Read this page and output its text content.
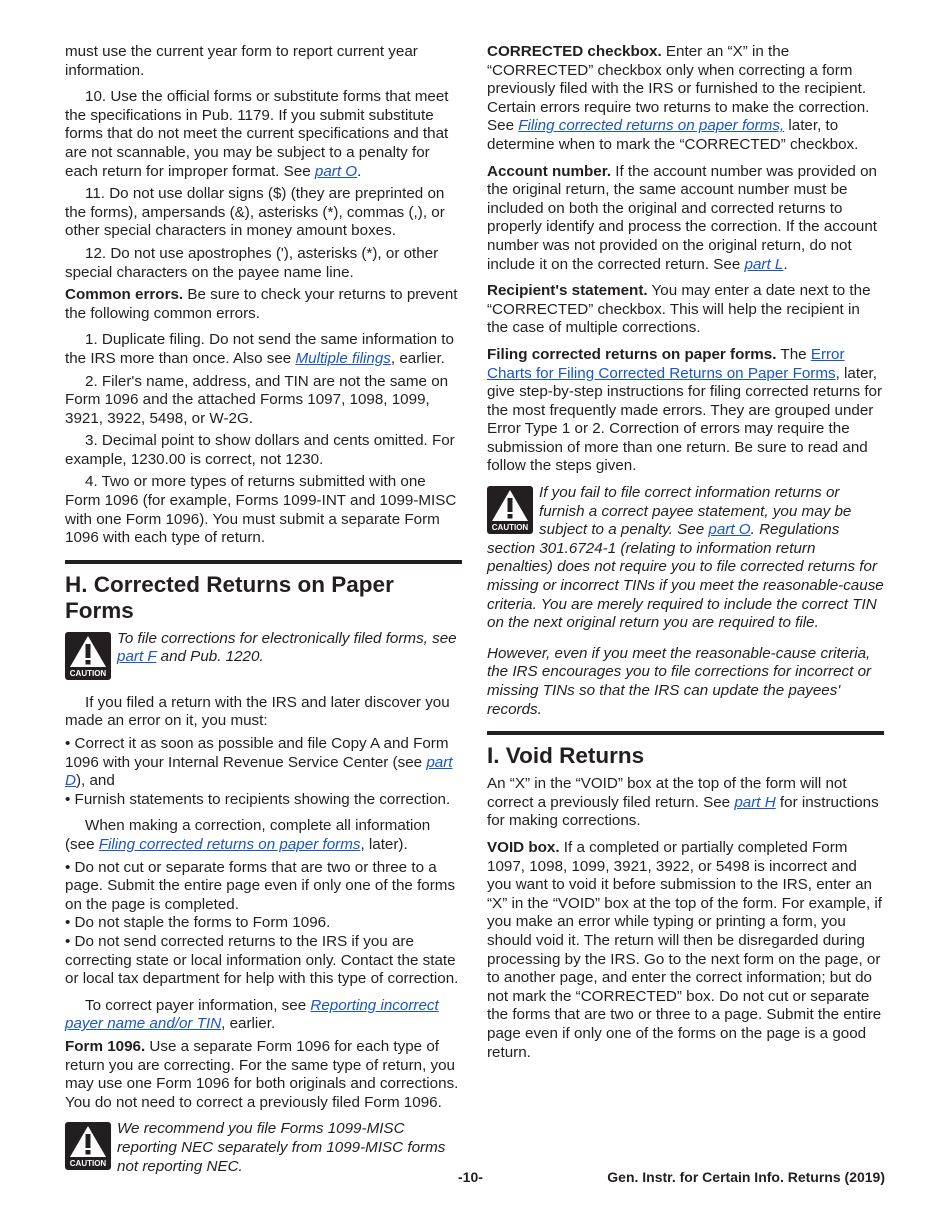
must use the current year form to report current year information.

10. Use the official forms or substitute forms that meet the specifications in Pub. 1179. If you submit substitute forms that do not meet the current specifications and that are not scannable, you may be subject to a penalty for each return for improper format. See part O.

11. Do not use dollar signs ($) (they are preprinted on the forms), ampersands (&), asterisks (*), commas (,), or other special characters in money amount boxes.

12. Do not use apostrophes ('), asterisks (*), or other special characters on the payee name line.

Common errors. Be sure to check your returns to prevent the following common errors.

1. Duplicate filing. Do not send the same information to the IRS more than once. Also see Multiple filings, earlier.

2. Filer's name, address, and TIN are not the same on Form 1096 and the attached Forms 1097, 1098, 1099, 3921, 3922, 5498, or W-2G.

3. Decimal point to show dollars and cents omitted. For example, 1230.00 is correct, not 1230.

4. Two or more types of returns submitted with one Form 1096 (for example, Forms 1099-INT and 1099-MISC with one Form 1096). You must submit a separate Form 1096 with each type of return.

H. Corrected Returns on Paper Forms
CAUTION
To file corrections for electronically filed forms, see part F and Pub. 1220.

If you filed a return with the IRS and later discover you made an error on it, you must:

• Correct it as soon as possible and file Copy A and Form 1096 with your Internal Revenue Service Center (see part D), and

• Furnish statements to recipients showing the correction.

When making a correction, complete all information (see Filing corrected returns on paper forms, later).

• Do not cut or separate forms that are two or three to a page. Submit the entire page even if only one of the forms on the page is completed.

• Do not staple the forms to Form 1096.

• Do not send corrected returns to the IRS if you are correcting state or local information only. Contact the state or local tax department for help with this type of correction.

To correct payer information, see Reporting incorrect payer name and/or TIN, earlier.

Form 1096. Use a separate Form 1096 for each type of return you are correcting. For the same type of return, you may use one Form 1096 for both originals and corrections. You do not need to correct a previously filed Form 1096.

CAUTION
We recommend you file Forms 1099-MISC reporting NEC separately from 1099-MISC forms not reporting NEC.

CORRECTED checkbox. Enter an “X” in the “CORRECTED” checkbox only when correcting a form previously filed with the IRS or furnished to the recipient. Certain errors require two returns to make the correction. See Filing corrected returns on paper forms, later, to determine when to mark the “CORRECTED” checkbox.

Account number. If the account number was provided on the original return, the same account number must be included on both the original and corrected returns to properly identify and process the correction. If the account number was not provided on the original return, do not include it on the corrected return. See part L.

Recipient's statement. You may enter a date next to the “CORRECTED” checkbox. This will help the recipient in the case of multiple corrections.

Filing corrected returns on paper forms. The Error Charts for Filing Corrected Returns on Paper Forms, later, give step-by-step instructions for filing corrected returns for the most frequently made errors. They are grouped under Error Type 1 or 2. Correction of errors may require the submission of more than one return. Be sure to read and follow the steps given.

CAUTION
If you fail to file correct information returns or furnish a correct payee statement, you may be subject to a penalty. See part O. Regulations section 301.6724-1 (relating to information return penalties) does not require you to file corrected returns for missing or incorrect TINs if you meet the reasonable-cause criteria. You are merely required to include the correct TIN on the next original return you are required to file.

However, even if you meet the reasonable-cause criteria, the IRS encourages you to file corrections for incorrect or missing TINs so that the IRS can update the payees' records.

I. Void Returns

An “X” in the “VOID” box at the top of the form will not correct a previously filed return. See part H for instructions for making corrections.

VOID box. If a completed or partially completed Form 1097, 1098, 1099, 3921, 3922, or 5498 is incorrect and you want to void it before submission to the IRS, enter an “X” in the “VOID” box at the top of the form. For example, if you make an error while typing or printing a form, you should void it. The return will then be disregarded during processing by the IRS. Go to the next form on the page, or to another page, and enter the correct information; but do not mark the “CORRECTED” box. Do not cut or separate the forms that are two or three to a page. Submit the entire page even if only one of the forms on the page is a good return.

-10-	Gen. Instr. for Certain Info. Returns (2019)
